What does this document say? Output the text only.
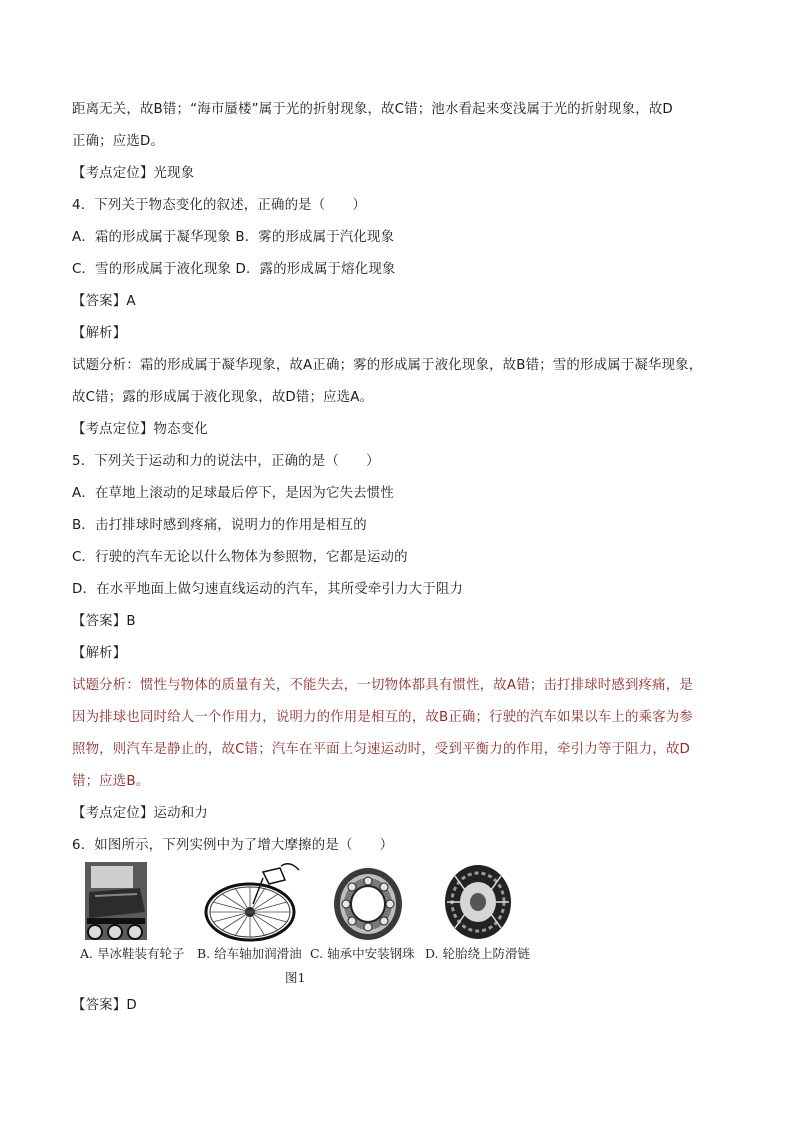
距离无关，故B错；“海市蜃楼”属于光的折射现象，故C错；池水看起来变浅属于光的折射现象，故D
正确；应选D。
【考点定位】光现象
4．下列关于物态变化的叙述，正确的是（　　）
A．霜的形成属于凝华现象 B．雾的形成属于汽化现象
C．雪的形成属于液化现象 D．露的形成属于熔化现象
【答案】A
【解析】
试题分析：霜的形成属于凝华现象，故A正确；雾的形成属于液化现象，故B错；雪的形成属于凝华现象，
故C错；露的形成属于液化现象，故D错；应选A。
【考点定位】物态变化
5．下列关于运动和力的说法中，正确的是（　　）
A．在草地上滚动的足球最后停下，是因为它失去惯性
B．击打排球时感到疼痛，说明力的作用是相互的
C．行驶的汽车无论以什么物体为参照物，它都是运动的
D．在水平地面上做匀速直线运动的汽车，其所受牵引力大于阻力
【答案】B
【解析】
试题分析：惯性与物体的质量有关，不能失去，一切物体都具有惯性，故A错；击打排球时感到疼痛，是
因为排球也同时给人一个作用力，说明力的作用是相互的，故B正确；行驶的汽车如果以车上的乘客为参
照物，则汽车是静止的，故C错；汽车在平面上匀速运动时，受到平衡力的作用，牵引力等于阻力，故D
错；应选B。
【考点定位】运动和力
6．如图所示，下列实例中为了增大摩擦的是（　　）
A. 旱冰鞋装有轮子 B. 给车轴加润滑油 C. 轴承中安装钢珠 D. 轮胎绕上防滑链
图1
【答案】D
